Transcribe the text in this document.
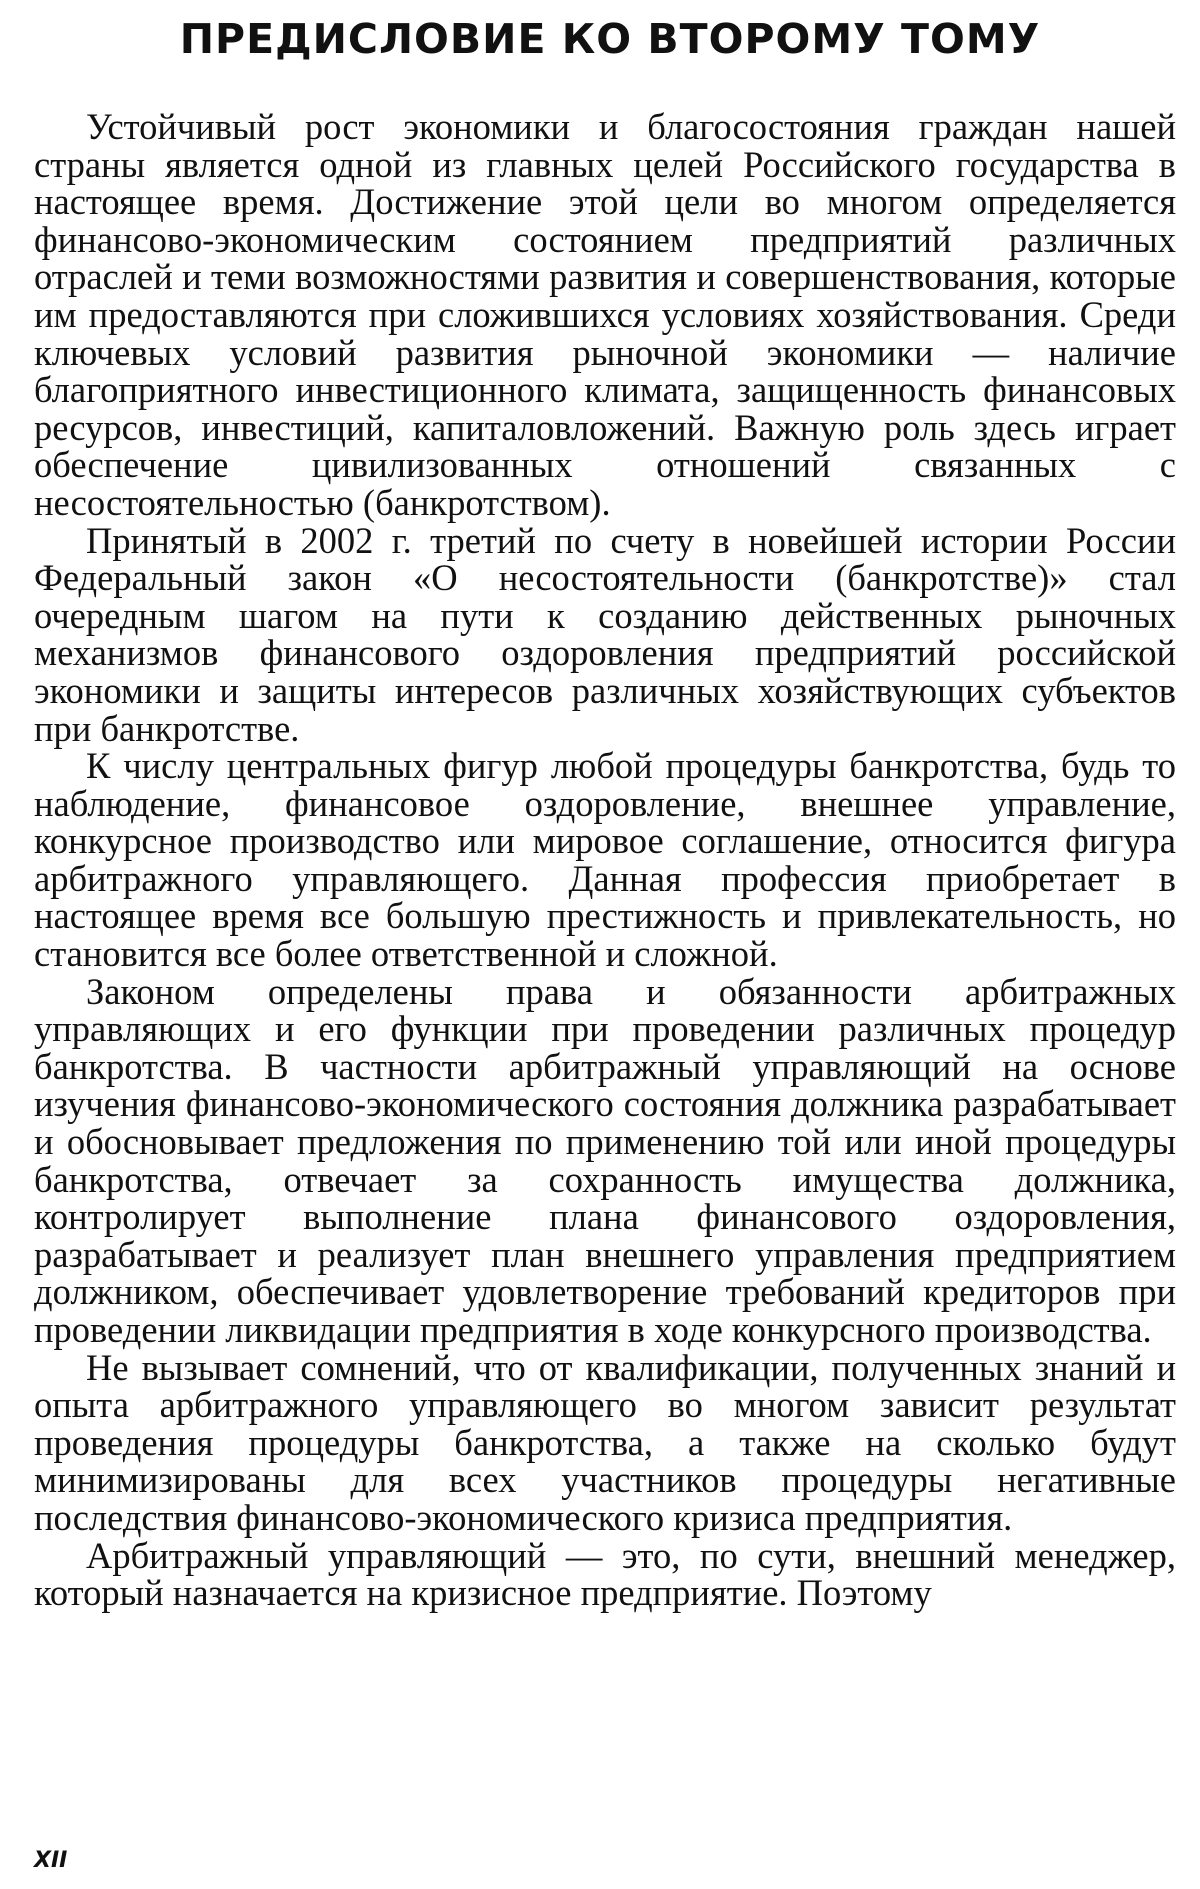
ПРЕДИСЛОВИЕ КО ВТОРОМУ ТОМУ

Устойчивый рост экономики и благосостояния граждан нашей страны является одной из главных целей Российского государства в настоящее время. Достижение этой цели во многом определяется финансово-экономическим состоянием предприятий различных отраслей и теми возможностями развития и совершенствования, которые им предоставляются при сложившихся условиях хозяйствования. Среди ключевых условий развития рыночной экономики — наличие благоприятного инвестиционного климата, защищенность финансовых ресурсов, инвестиций, капиталовложений. Важную роль здесь играет обеспечение цивилизованных отношений связанных с несостоятельностью (банкротством).

Принятый в 2002 г. третий по счету в новейшей истории России Федеральный закон «О несостоятельности (банкротстве)» стал очередным шагом на пути к созданию действенных рыночных механизмов финансового оздоровления предприятий российской экономики и защиты интересов различных хозяйствующих субъектов при банкротстве.

К числу центральных фигур любой процедуры банкротства, будь то наблюдение, финансовое оздоровление, внешнее управление, конкурсное производство или мировое соглашение, относится фигура арбитражного управляющего. Данная профессия приобретает в настоящее время все большую престижность и привлекательность, но становится все более ответственной и сложной.

Законом определены права и обязанности арбитражных управляющих и его функции при проведении различных процедур банкротства. В частности арбитражный управляющий на основе изучения финансово-экономического состояния должника разрабатывает и обосновывает предложения по применению той или иной процедуры банкротства, отвечает за сохранность имущества должника, контролирует выполнение плана финансового оздоровления, разрабатывает и реализует план внешнего управления предприятием должником, обеспечивает удовлетворение требований кредиторов при проведении ликвидации предприятия в ходе конкурсного производства.

Не вызывает сомнений, что от квалификации, полученных знаний и опыта арбитражного управляющего во многом зависит результат проведения процедуры банкротства, а также на сколько будут минимизированы для всех участников процедуры негативные последствия финансово-экономического кризиса предприятия.

Арбитражный управляющий — это, по сути, внешний менеджер, который назначается на кризисное предприятие. Поэтому

XII
